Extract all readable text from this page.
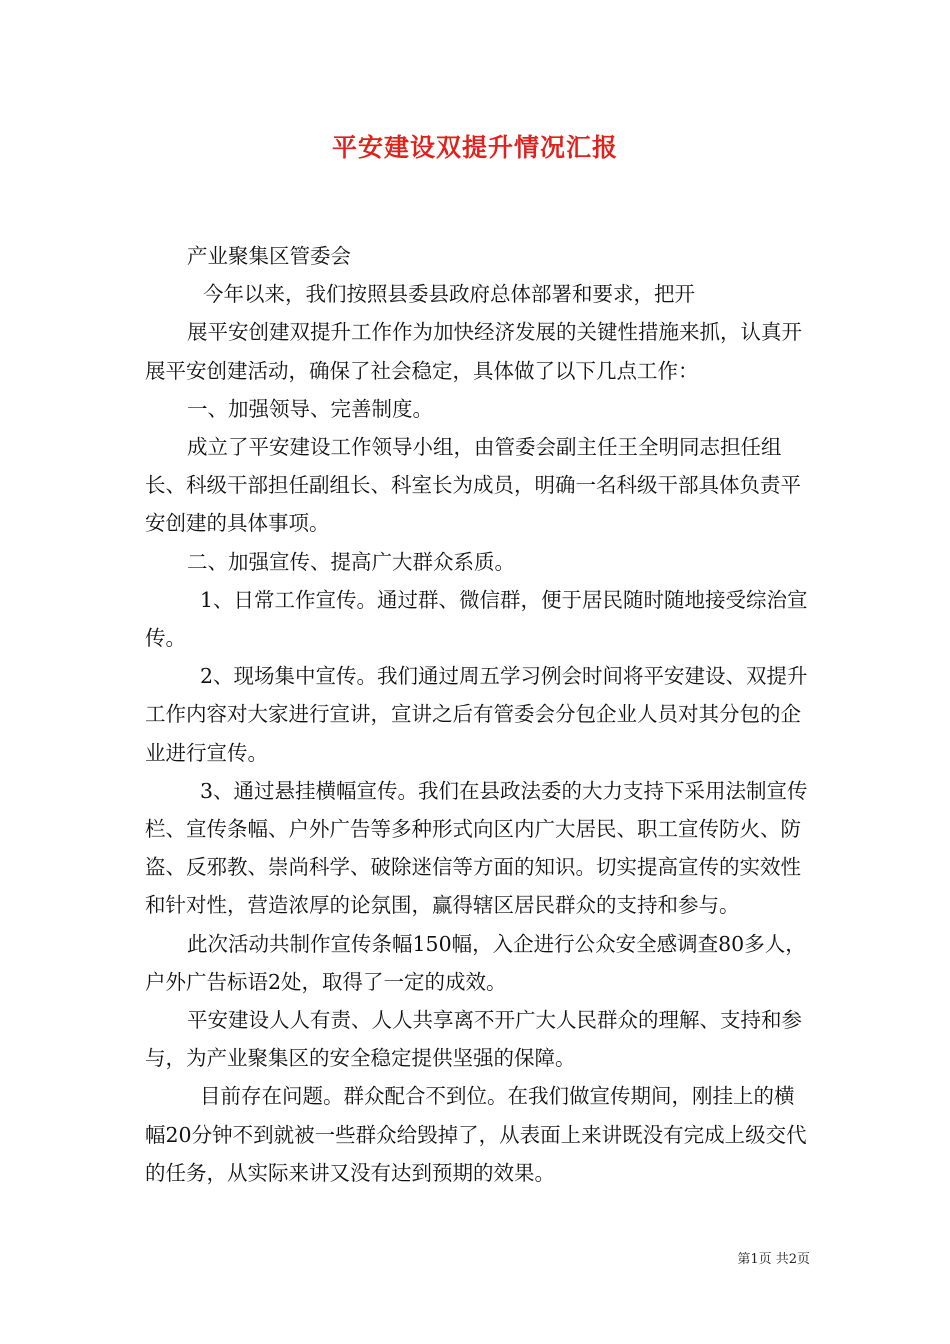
平安建设双提升情况汇报

产业聚集区管委会

今年以来，我们按照县委县政府总体部署和要求，把开

展平安创建双提升工作作为加快经济发展的关键性措施来抓，认真开展平安创建活动，确保了社会稳定，具体做了以下几点工作：

一、加强领导、完善制度。

成立了平安建设工作领导小组，由管委会副主任王全明同志担任组长、科级干部担任副组长、科室长为成员，明确一名科级干部具体负责平安创建的具体事项。

二、加强宣传、提高广大群众系质。

1、日常工作宣传。通过群、微信群，便于居民随时随地接受综治宣传。

2、现场集中宣传。我们通过周五学习例会时间将平安建设、双提升工作内容对大家进行宣讲，宣讲之后有管委会分包企业人员对其分包的企业进行宣传。

3、通过悬挂横幅宣传。我们在县政法委的大力支持下采用法制宣传栏、宣传条幅、户外广告等多种形式向区内广大居民、职工宣传防火、防盗、反邪教、崇尚科学、破除迷信等方面的知识。切实提高宣传的实效性和针对性，营造浓厚的论氛围，赢得辖区居民群众的支持和参与。

此次活动共制作宣传条幅150幅，入企进行公众安全感调查80多人，户外广告标语2处，取得了一定的成效。

平安建设人人有责、人人共享离不开广大人民群众的理解、支持和参与，为产业聚集区的安全稳定提供坚强的保障。

目前存在问题。群众配合不到位。在我们做宣传期间，刚挂上的横幅20分钟不到就被一些群众给毁掉了，从表面上来讲既没有完成上级交代的任务，从实际来讲又没有达到预期的效果。

第1页 共2页
